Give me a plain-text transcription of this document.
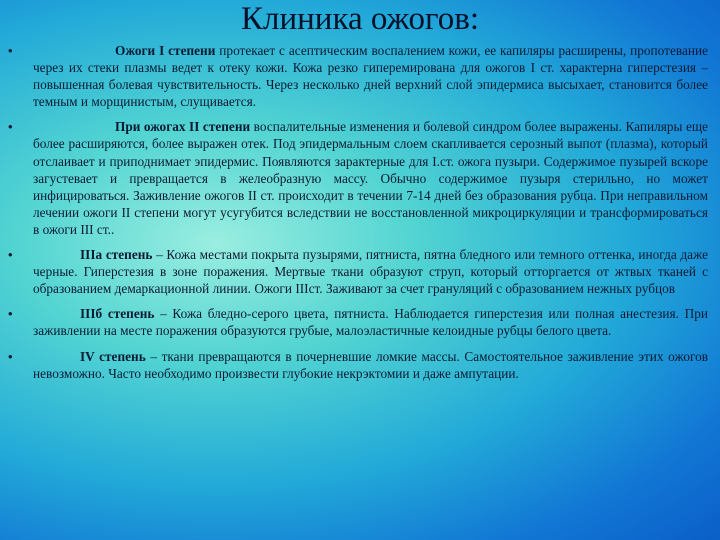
Клиника ожогов:
•	Ожоги I степени протекает с асептическим воспалением кожи, ее капиляры расширены, пропотевание через их стеки плазмы ведет к отеку кожи. Кожа резко гиперемирована для ожогов I ст. характерна гиперстезия – повышенная болевая чувствительность. Через несколько дней верхний слой эпидермиса высыхает, становится более темным и морщинистым, слущивается.
•	При ожогах II степени воспалительные изменения и болевой синдром более выражены. Капиляры еще более расширяются, более выражен отек. Под эпидермальным слоем скапливается серозный выпот (плазма), который отслаивает и приподнимает эпидермис. Появляются зарактерные для I.ст. ожога пузыри. Содержимое пузырей вскоре загустевает и превращается в желеобразную массу. Обычно содержимое пузыря стерильно, но может инфицироваться. Заживление ожогов II ст. происходит в течении 7-14 дней без образования рубца. При неправильном лечении ожоги II степени могут усугубится вследствии не восстановленной микроциркуляции и трансформироваться в ожоги III ст..
•	IIIа степень – Кожа местами покрыта пузырями, пятниста, пятна бледного или темного оттенка, иногда даже черные. Гиперстезия в зоне поражения. Мертвые ткани образуют струп, который отторгается от жтвых тканей с образованием демаркационной линии. Ожоги IIIст. Заживают за счет грануляций с образованием нежных рубцов
•	IIIб степень – Кожа бледно-серого цвета, пятниста. Наблюдается гиперстезия или полная анестезия. При заживлении на месте поражения образуются грубые, малоэластичные келоидные рубцы белого цвета.
•	IV степень – ткани превращаются в почерневшие ломкие массы. Самостоятельное заживление этих ожогов невозможно. Часто необходимо произвести глубокие некрэктомии и даже ампутации.
